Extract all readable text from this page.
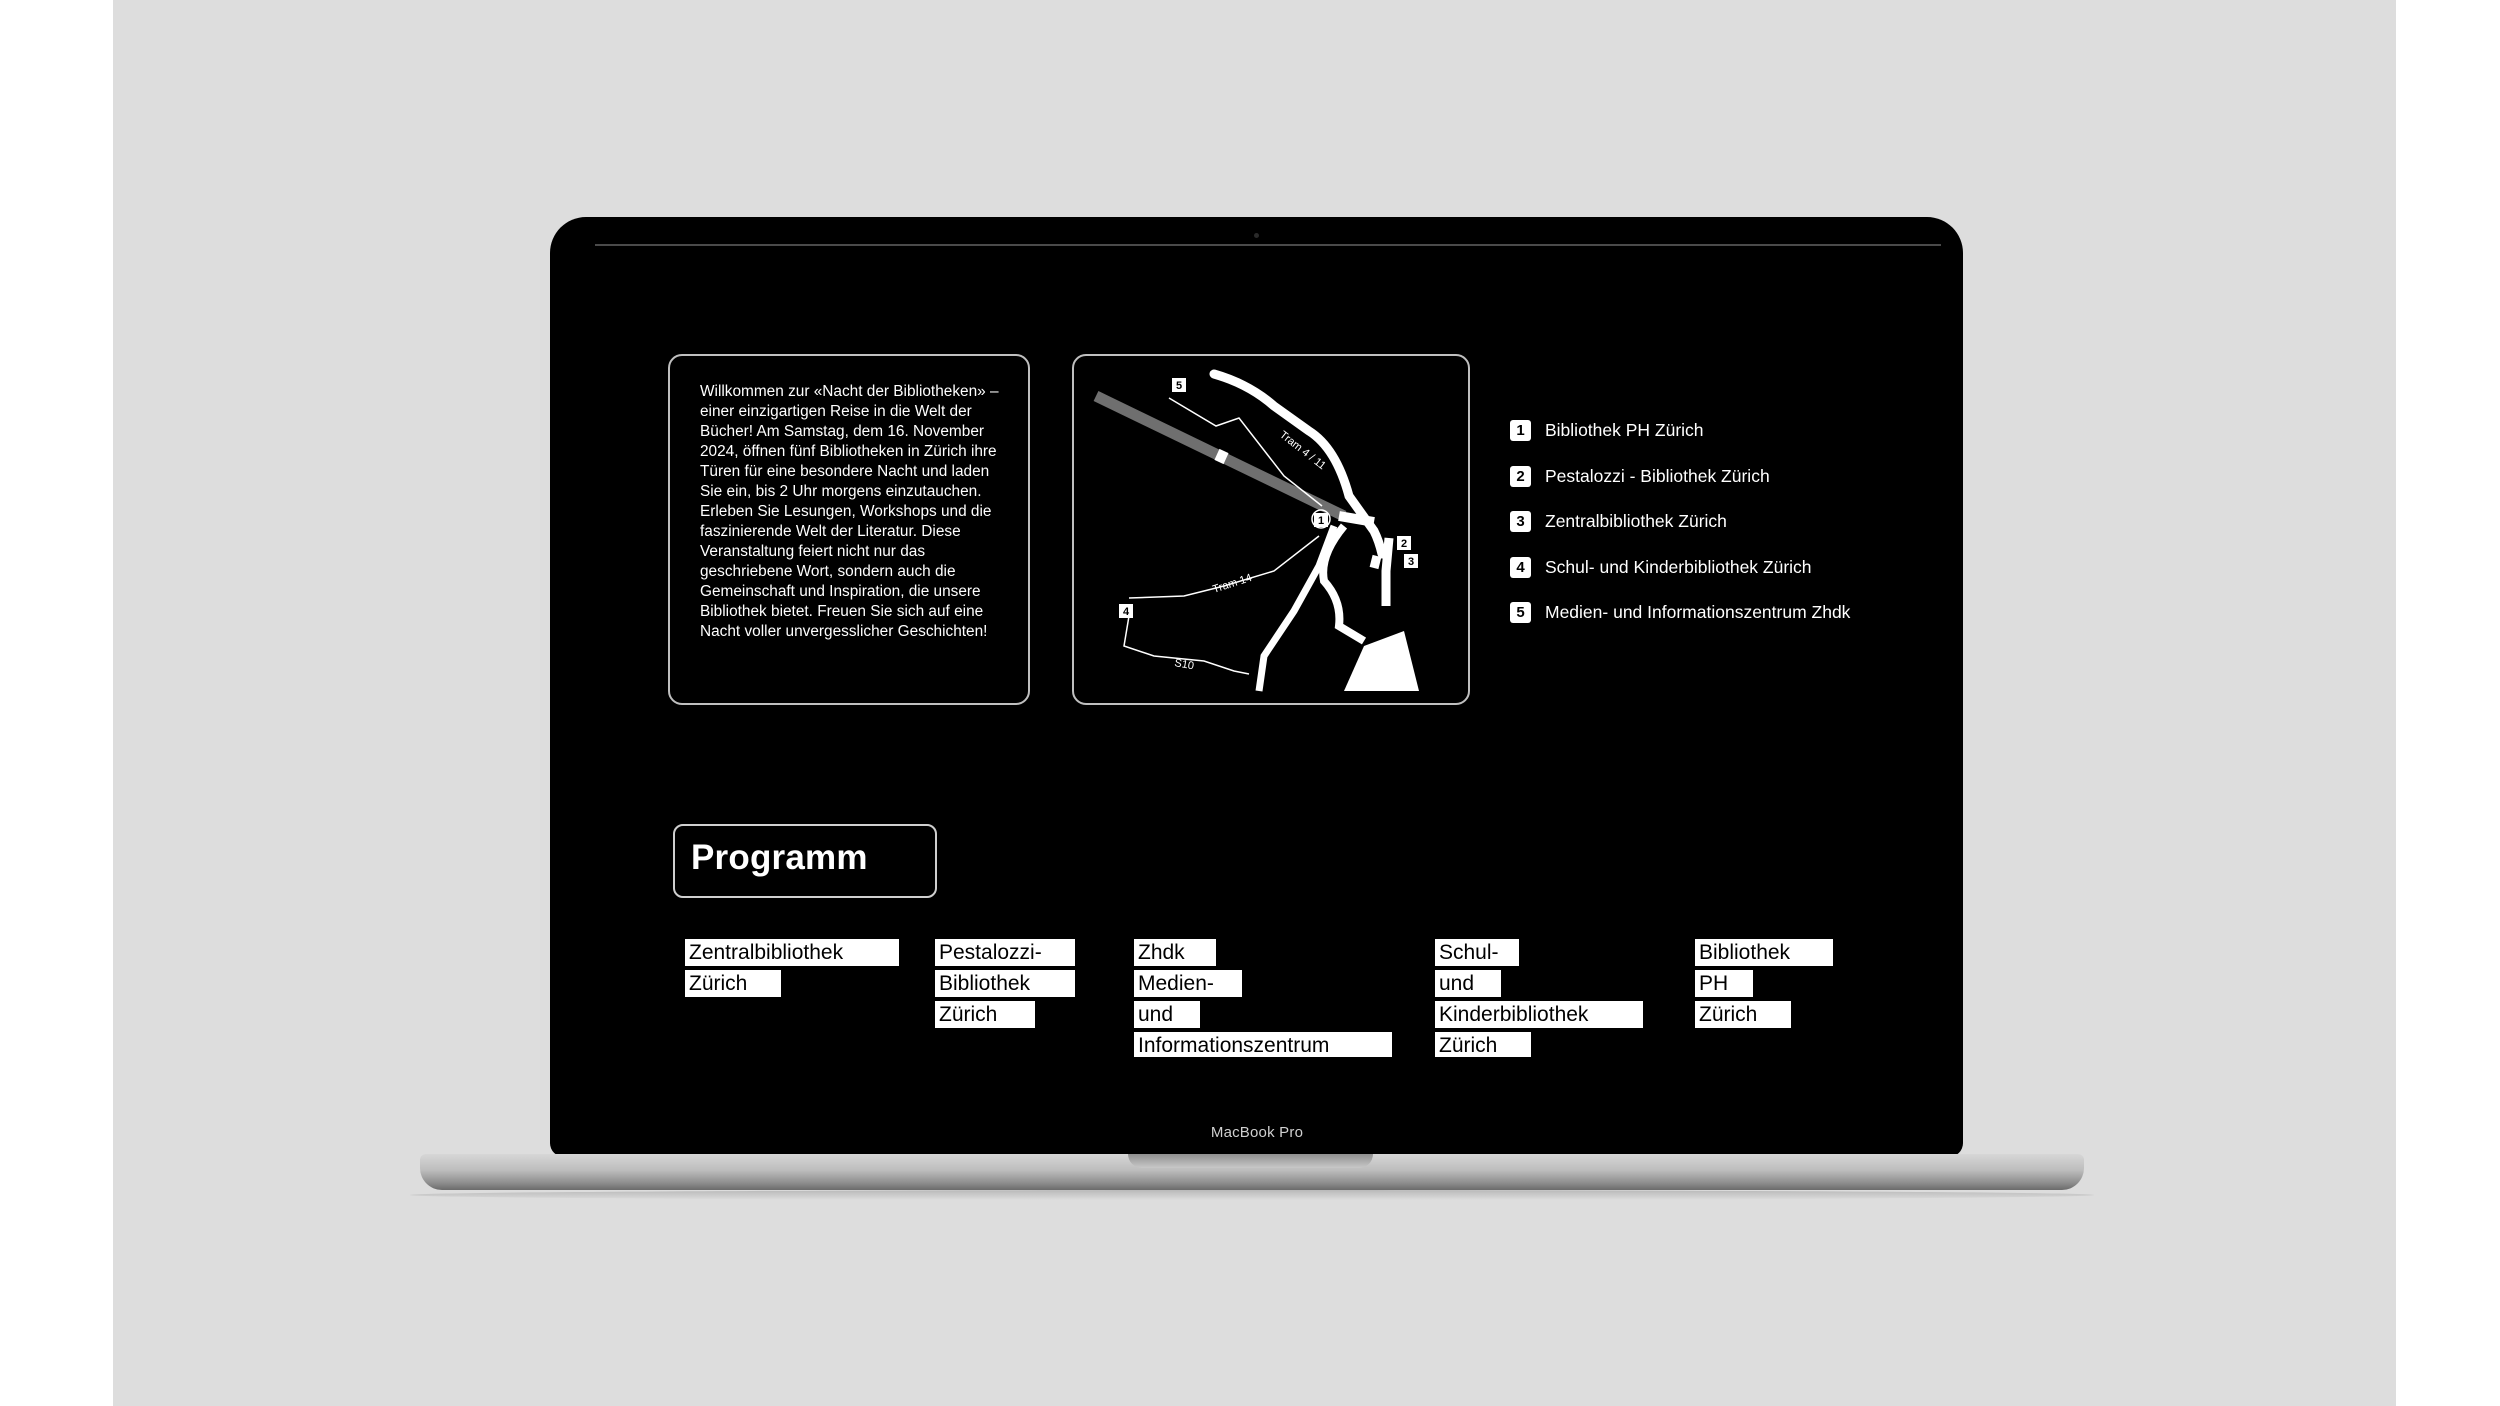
Willkommen zur «Nacht der Bibliotheken» – einer einzigartigen Reise in die Welt der Bücher! Am Samstag, dem 16. November 2024, öffnen fünf Bibliotheken in Zürich ihre Türen für eine besondere Nacht und laden Sie ein, bis 2 Uhr morgens einzutauchen. Erleben Sie Lesungen, Workshops und die faszinierende Welt der Literatur. Diese Veranstaltung feiert nicht nur das geschriebene Wort, sondern auch die Gemeinschaft und Inspiration, die unsere Bibliothek bietet. Freuen Sie sich auf eine Nacht voller unvergesslicher Geschichten!
5
1
2
3
4
Tram 4 / 11
Tram 14
S10
1	Bibliothek PH Zürich
2	Pestalozzi - Bibliothek Zürich
3	Zentralbibliothek Zürich
4	Schul- und Kinderbibliothek Zürich
5	Medien- und Informationszentrum Zhdk
Programm
Zentralbibliothek
Zürich
Pestalozzi-
Bibliothek
Zürich
Zhdk
Medien-
und
Informationszentrum
Schul-
und
Kinderbibliothek
Zürich
Bibliothek
PH
Zürich
MacBook Pro
